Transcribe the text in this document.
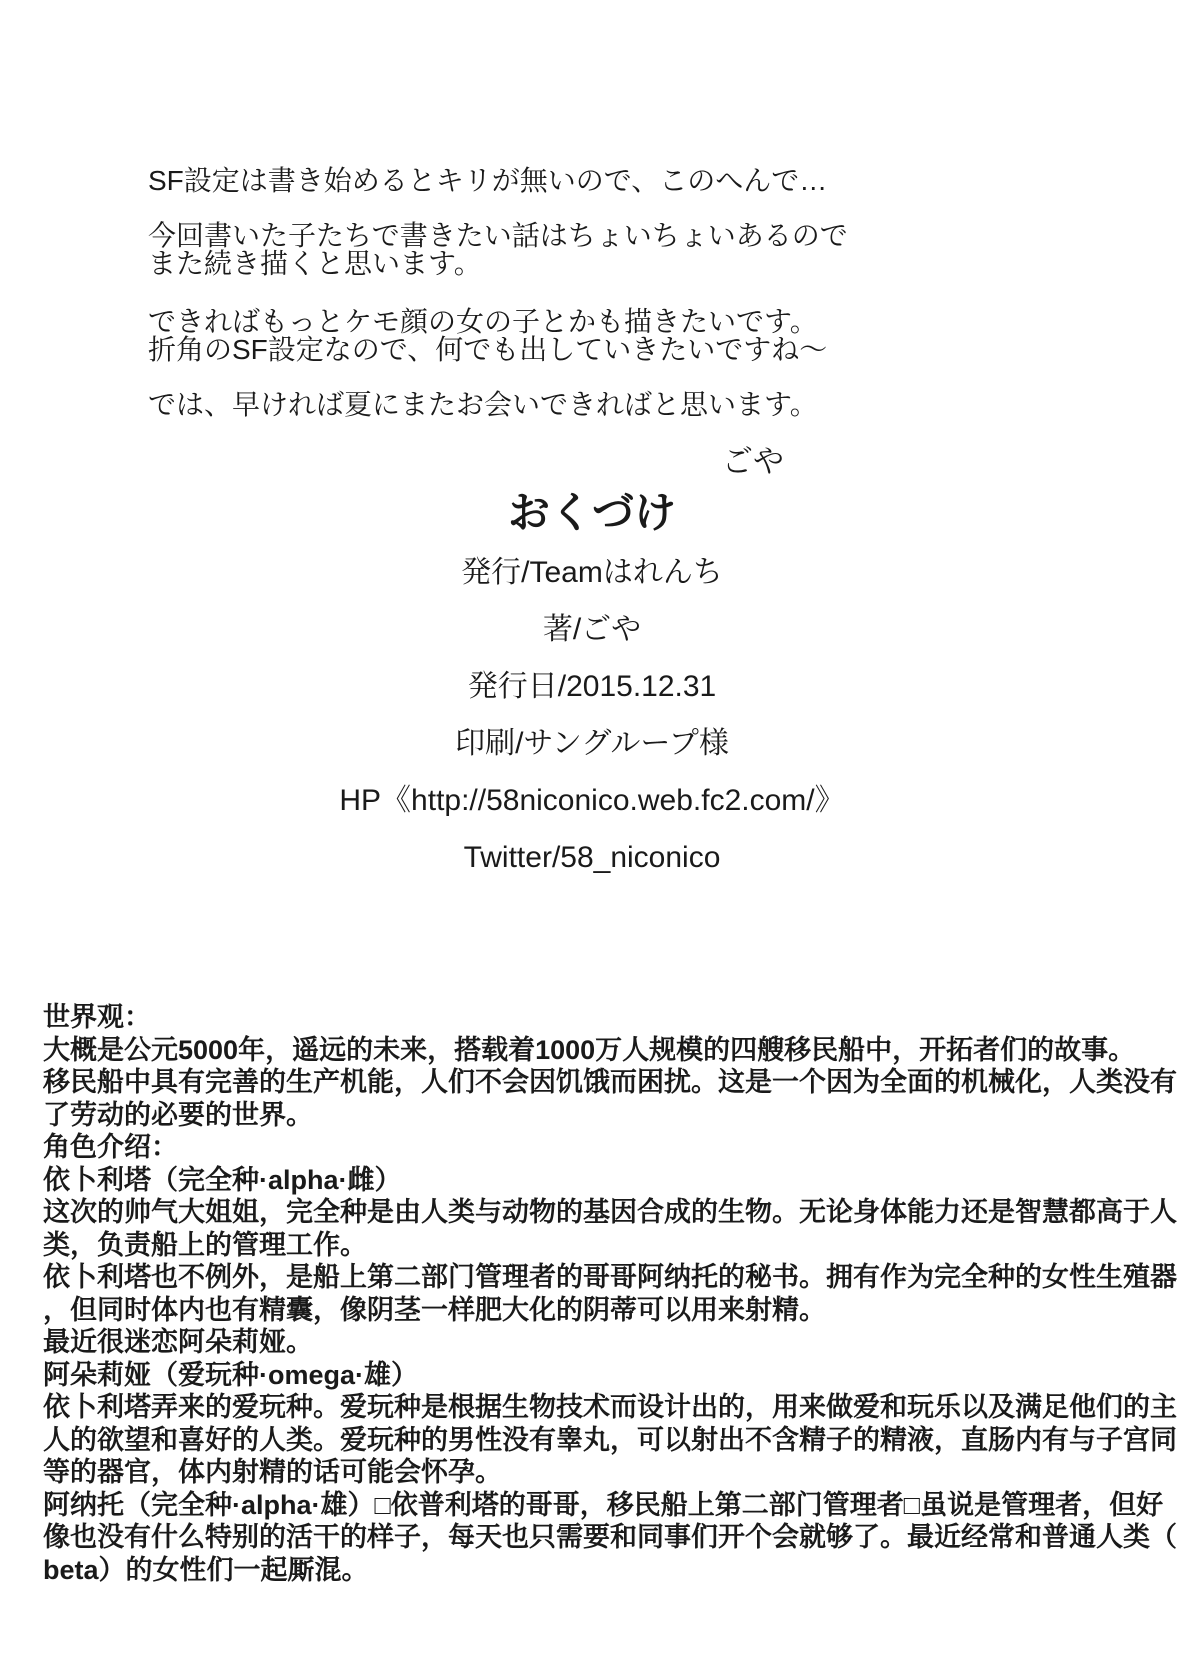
SF設定は書き始めるとキリが無いので、このへんで…
今回書いた子たちで書きたい話はちょいちょいあるので
また続き描くと思います。
できればもっとケモ顔の女の子とかも描きたいです。
折角のSF設定なので、何でも出していきたいですね～
では、早ければ夏にまたお会いできればと思います。
ごや
おくづけ
発行/Teamはれんち
著/ごや
発行日/2015.12.31
印刷/サングループ様
HP《http://58niconico.web.fc2.com/》
Twitter/58_niconico
世界观：
大概是公元5000年，遥远的未来，搭载着1000万人规模的四艘移民船中，开拓者们的故事。
移民船中具有完善的生产机能，人们不会因饥饿而困扰。这是一个因为全面的机械化，人类没有
了劳动的必要的世界。
角色介绍：
依卜利塔（完全种·alpha·雌）
这次的帅气大姐姐，完全种是由人类与动物的基因合成的生物。无论身体能力还是智慧都高于人
类，负责船上的管理工作。
依卜利塔也不例外，是船上第二部门管理者的哥哥阿纳托的秘书。拥有作为完全种的女性生殖器
，但同时体内也有精囊，像阴茎一样肥大化的阴蒂可以用来射精。
最近很迷恋阿朵莉娅。
阿朵莉娅（爱玩种·omega·雄）
依卜利塔弄来的爱玩种。爱玩种是根据生物技术而设计出的，用来做爱和玩乐以及满足他们的主
人的欲望和喜好的人类。爱玩种的男性没有睾丸，可以射出不含精子的精液，直肠内有与子宫同
等的器官，体内射精的话可能会怀孕。
阿纳托（完全种·alpha·雄）□依普利塔的哥哥，移民船上第二部门管理者□虽说是管理者，但好
像也没有什么特别的活干的样子，每天也只需要和同事们开个会就够了。最近经常和普通人类（
beta）的女性们一起厮混。
